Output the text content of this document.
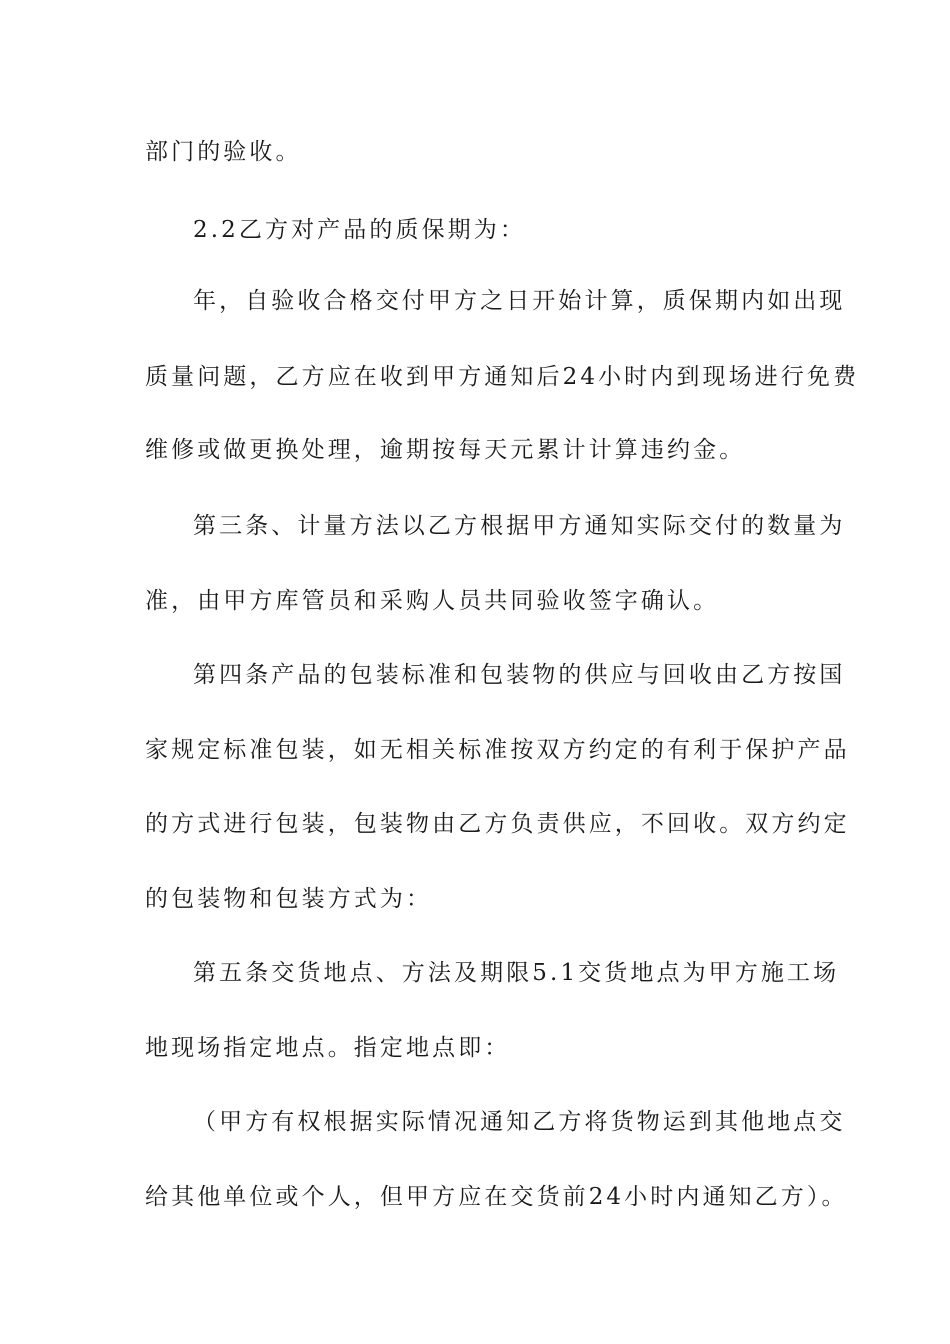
部门的验收。
2.2乙方对产品的质保期为：
年，自验收合格交付甲方之日开始计算，质保期内如出现
质量问题，乙方应在收到甲方通知后24小时内到现场进行免费
维修或做更换处理，逾期按每天元累计计算违约金。
第三条、计量方法以乙方根据甲方通知实际交付的数量为
准，由甲方库管员和采购人员共同验收签字确认。
第四条产品的包装标准和包装物的供应与回收由乙方按国
家规定标准包装，如无相关标准按双方约定的有利于保护产品
的方式进行包装，包装物由乙方负责供应，不回收。双方约定
的包装物和包装方式为：
第五条交货地点、方法及期限5.1交货地点为甲方施工场
地现场指定地点。指定地点即：
（甲方有权根据实际情况通知乙方将货物运到其他地点交
给其他单位或个人，但甲方应在交货前24小时内通知乙方）。
